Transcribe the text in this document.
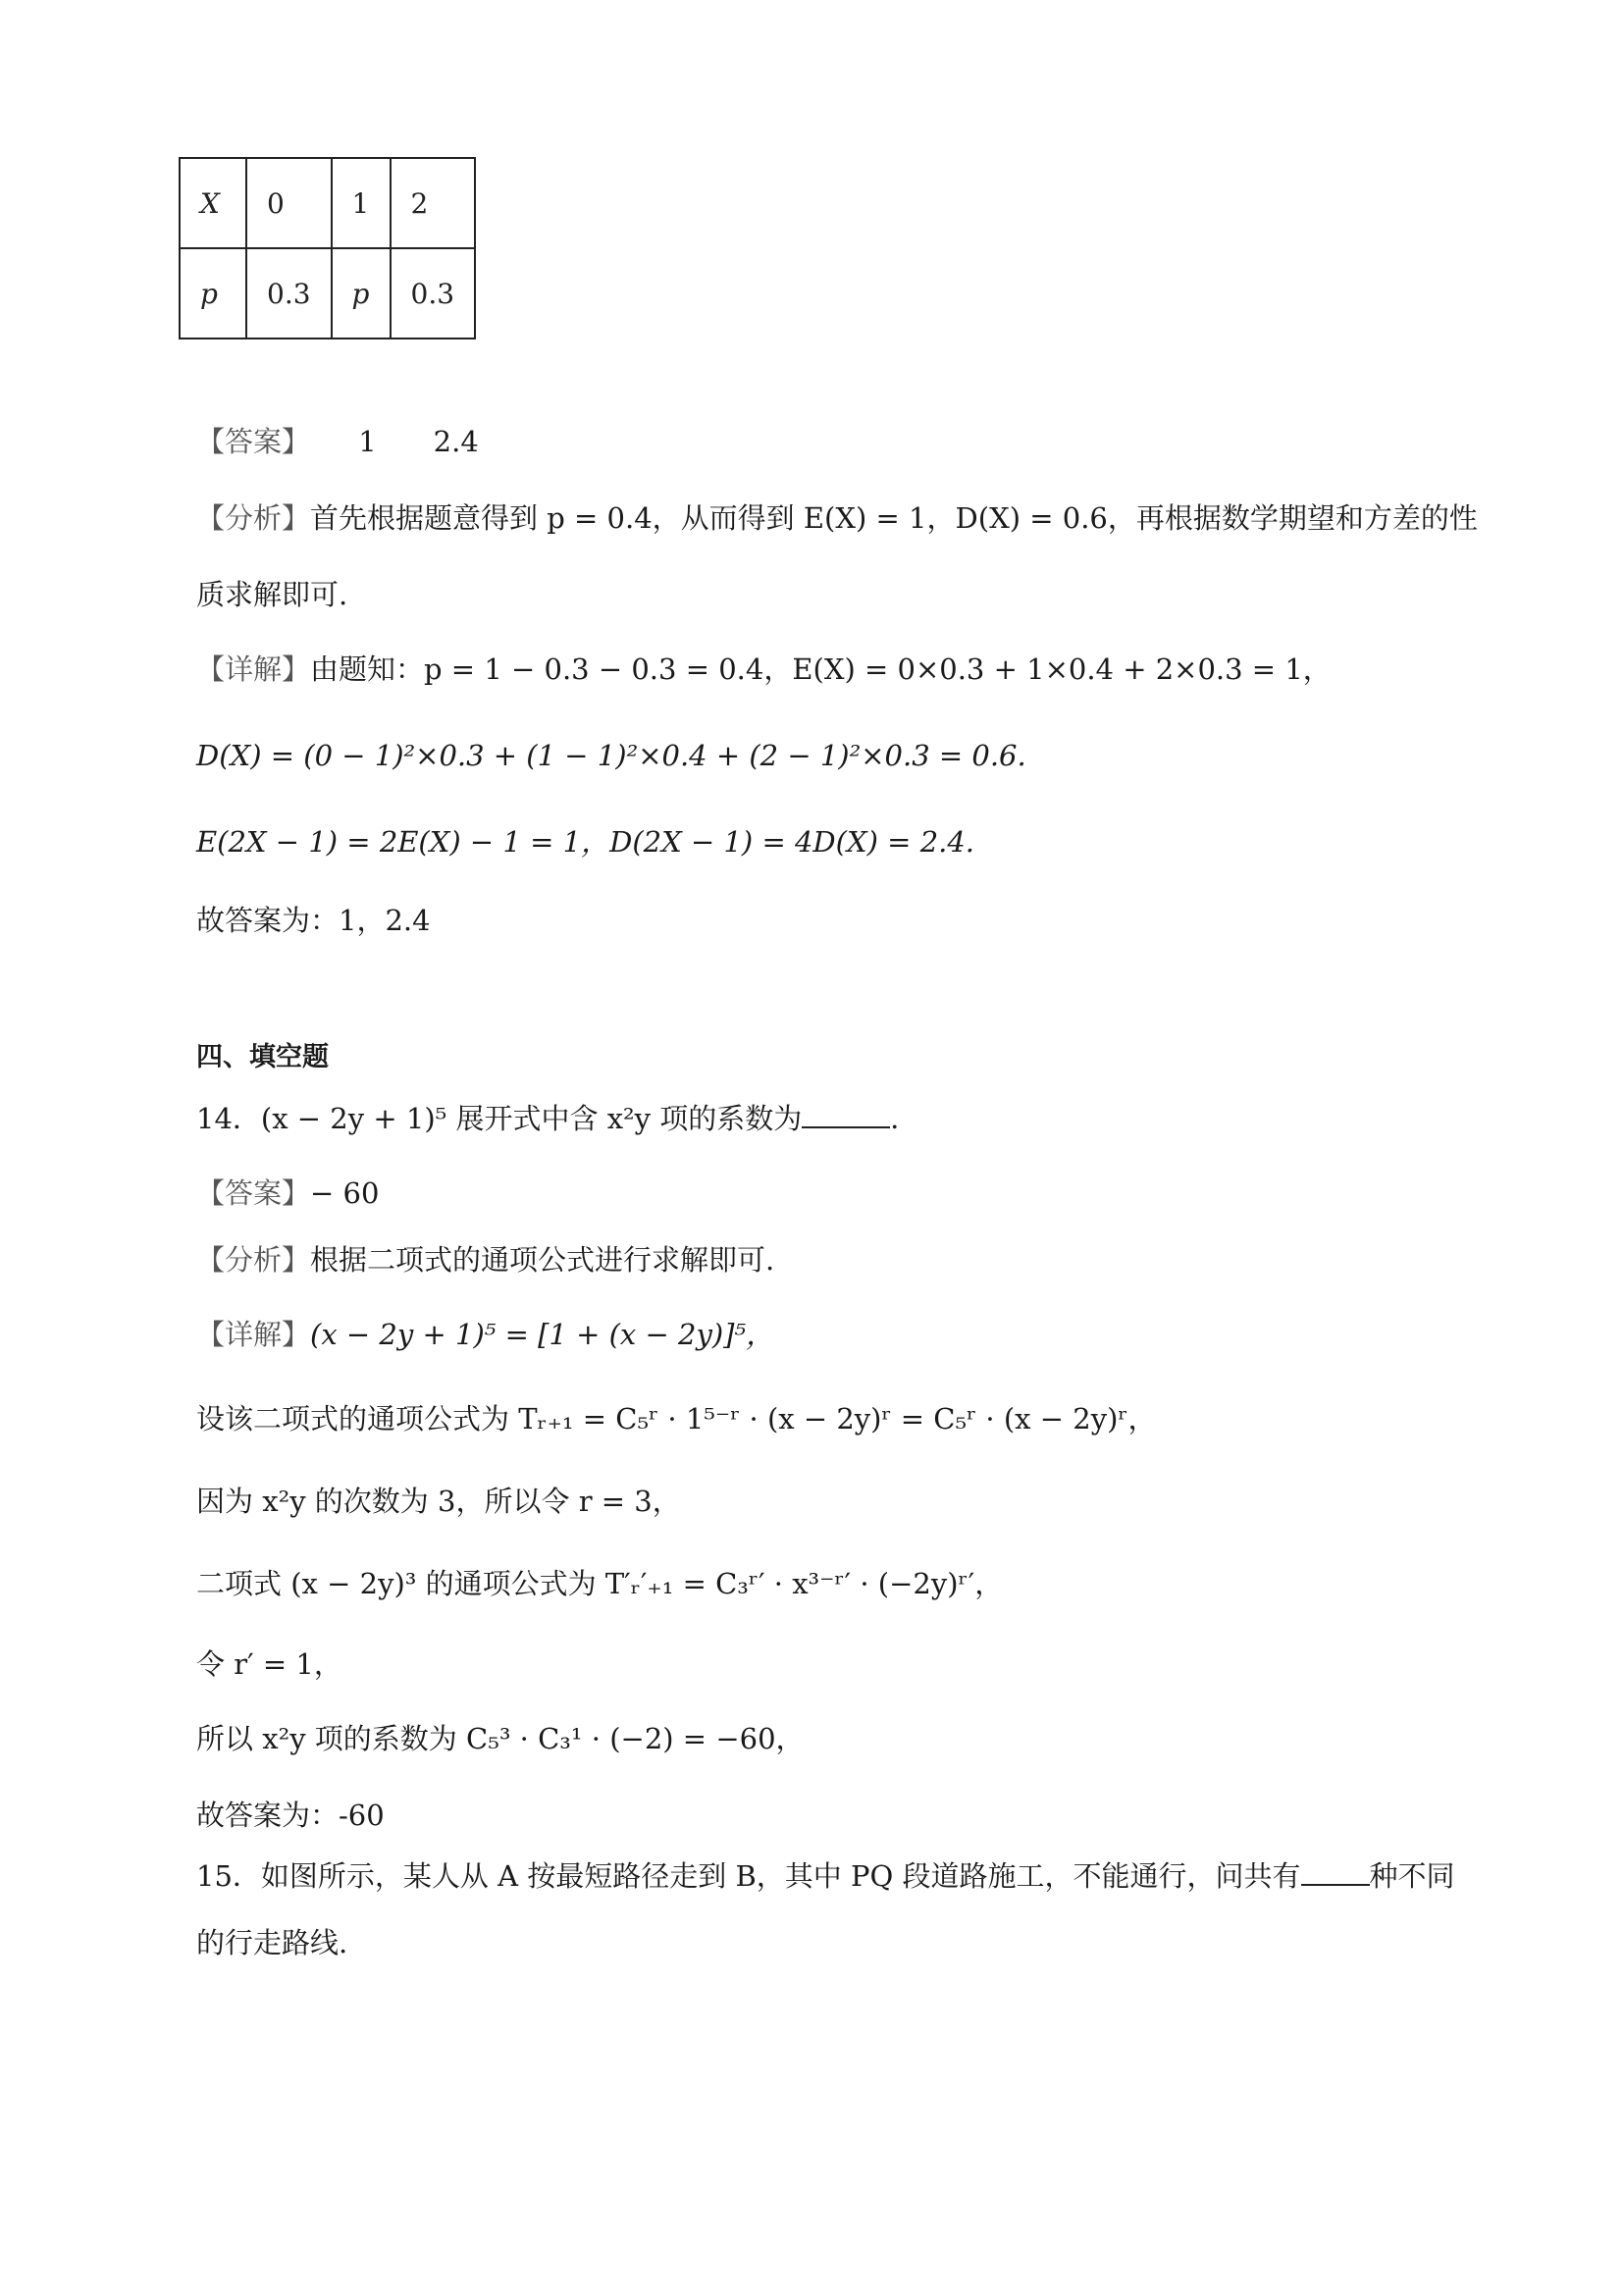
X	0	1	2
p	0.3	p	0.3
【答案】 1　　2.4
【分析】首先根据题意得到 p = 0.4，从而得到 E(X) = 1，D(X) = 0.6，再根据数学期望和方差的性
质求解即可.
【详解】由题知：p = 1 − 0.3 − 0.3 = 0.4，E(X) = 0×0.3 + 1×0.4 + 2×0.3 = 1，
D(X) = (0 − 1)²×0.3 + (1 − 1)²×0.4 + (2 − 1)²×0.3 = 0.6.
E(2X − 1) = 2E(X) − 1 = 1，D(2X − 1) = 4D(X) = 2.4.
故答案为：1，2.4
四、填空题
14．(x − 2y + 1)⁵ 展开式中含 x²y 项的系数为	．
【答案】− 60
【分析】根据二项式的通项公式进行求解即可.
【详解】(x − 2y + 1)⁵ = [1 + (x − 2y)]⁵，
设该二项式的通项公式为 Tᵣ₊₁ = C₅ʳ · 1⁵⁻ʳ · (x − 2y)ʳ = C₅ʳ · (x − 2y)ʳ，
因为 x²y 的次数为 3，所以令 r = 3，
二项式 (x − 2y)³ 的通项公式为 T′ᵣ′₊₁ = C₃ʳ′ · x³⁻ʳ′ · (−2y)ʳ′，
令 r′ = 1，
所以 x²y 项的系数为 C₅³ · C₃¹ · (−2) = −60，
故答案为：-60
15．如图所示，某人从 A 按最短路径走到 B，其中 PQ 段道路施工，不能通行，问共有 种不同
的行走路线.
